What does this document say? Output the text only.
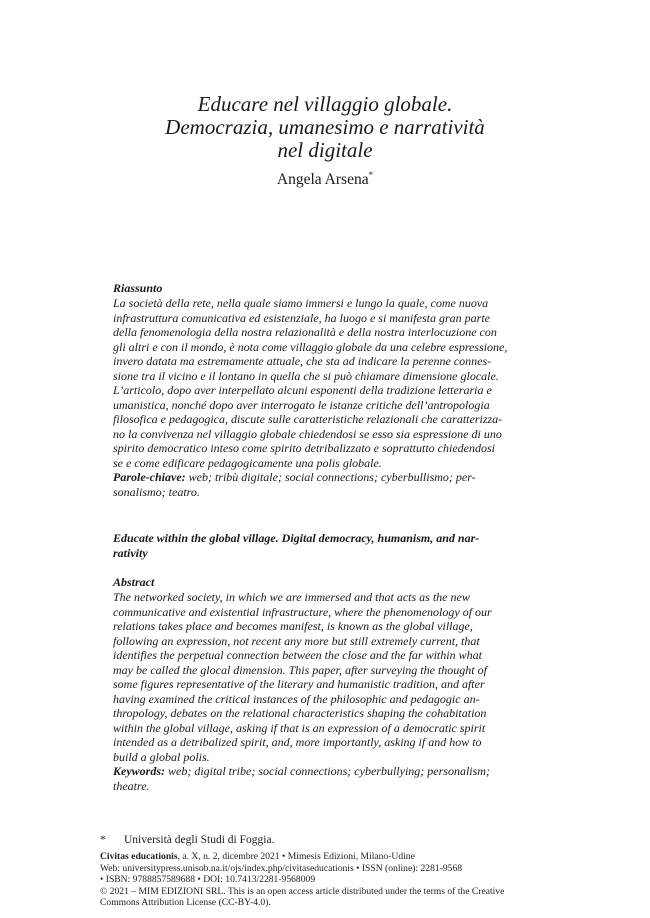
Educare nel villaggio globale.
Democrazia, umanesimo e narratività
nel digitale
Angela Arsena*
Riassunto
La società della rete, nella quale siamo immersi e lungo la quale, come nuova
infrastruttura comunicativa ed esistenziale, ha luogo e si manifesta gran parte
della fenomenologia della nostra relazionalità e della nostra interlocuzione con
gli altri e con il mondo, è nota come villaggio globale da una celebre espressione,
invero datata ma estremamente attuale, che sta ad indicare la perenne connes-
sione tra il vicino e il lontano in quella che si può chiamare dimensione glocale.
L’articolo, dopo aver interpellato alcuni esponenti della tradizione letteraria e
umanistica, nonché dopo aver interrogato le istanze critiche dell’antropologia
filosofica e pedagogica, discute sulle caratteristiche relazionali che caratterizza-
no la convivenza nel villaggio globale chiedendosi se esso sia espressione di uno
spirito democratico inteso come spirito detribalizzato e soprattutto chiedendosi
se e come edificare pedagogicamente una polis globale.
Parole-chiave: web; tribù digitale; social connections; cyberbullismo; per-
sonalismo; teatro.
Educate within the global village. Digital democracy, humanism, and nar-
rativity
Abstract
The networked society, in which we are immersed and that acts as the new
communicative and existential infrastructure, where the phenomenology of our
relations takes place and becomes manifest, is known as the global village,
following an expression, not recent any more but still extremely current, that
identifies the perpetual connection between the close and the far within what
may be called the glocal dimension. This paper, after surveying the thought of
some figures representative of the literary and humanistic tradition, and after
having examined the critical instances of the philosophic and pedagogic an-
thropology, debates on the relational characteristics shaping the cohabitation
within the global village, asking if that is an expression of a democratic spirit
intended as a detribalized spirit, and, more importantly, asking if and how to
build a global polis.
Keywords: web; digital tribe; social connections; cyberbullying; personalism;
theatre.
* Università degli Studi di Foggia.
Civitas educationis, a. X, n. 2, dicembre 2021 • Mimesis Edizioni, Milano-Udine
Web: universitypress.unisob.na.it/ojs/index.php/civitaseducationis • ISSN (online): 2281-9568
• ISBN: 9788857589688 • DOI: 10.7413/2281-9568009
© 2021 – MIM EDIZIONI SRL. This is an open access article distributed under the terms of the Creative
Commons Attribution License (CC-BY-4.0).
